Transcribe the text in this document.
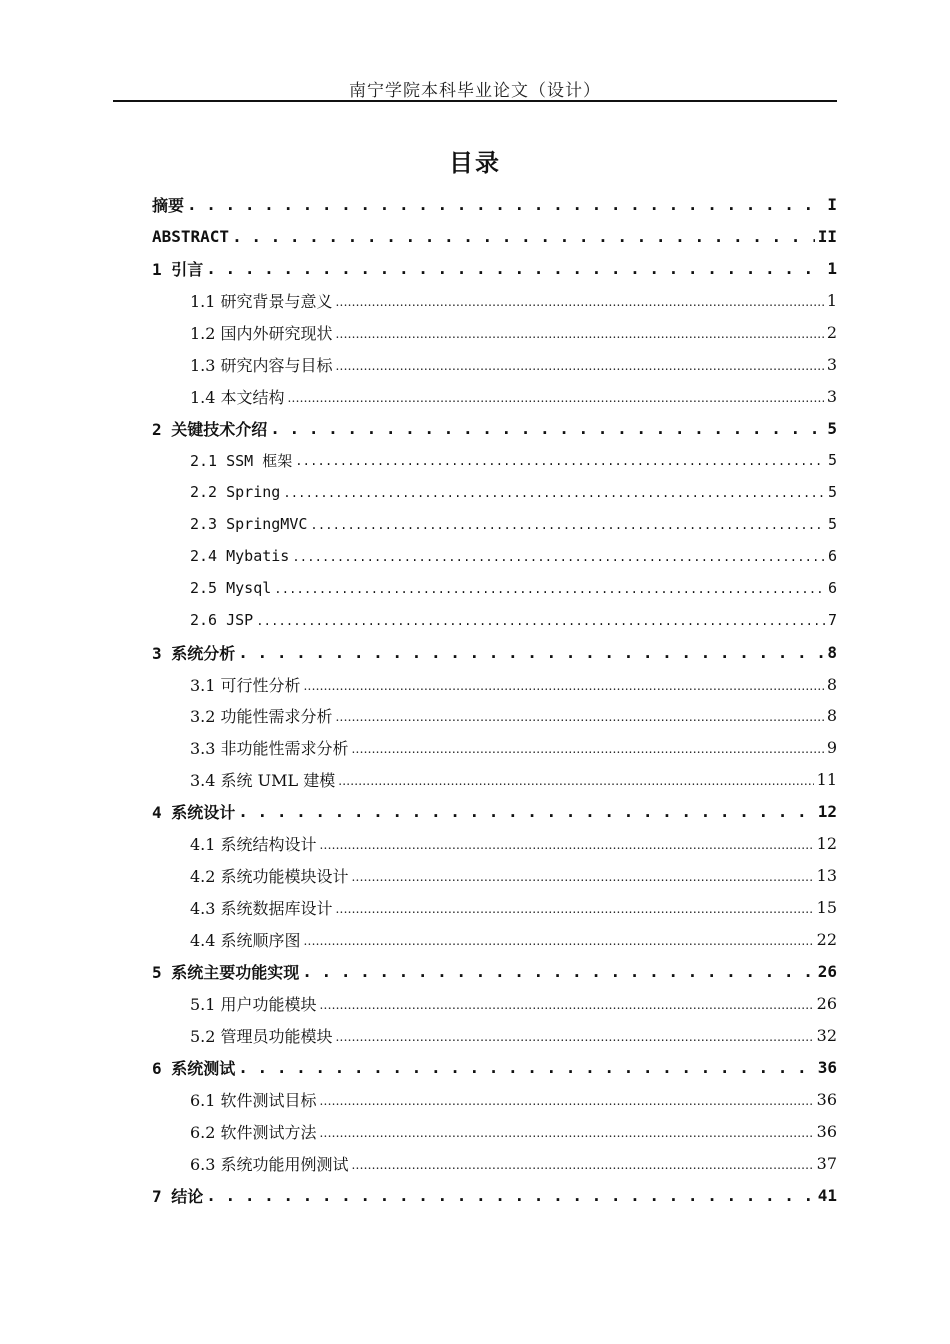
南宁学院本科毕业论文（设计）
目录
摘要 . . .	I
ABSTRACT . . .	II
1 引言 . . .	1
1.1 研究背景与意义 .....	1
1.2 国内外研究现状 .....	2
1.3 研究内容与目标 .....	3
1.4 本文结构 .....	3
2 关键技术介绍 . . .	5
2.1 SSM 框架 .....	5
2.2 Spring .....	5
2.3 SpringMVC .....	5
2.4 Mybatis .....	6
2.5 Mysql .....	6
2.6 JSP .....	7
3 系统分析 . . .	8
3.1 可行性分析 .....	8
3.2 功能性需求分析 .....	8
3.3 非功能性需求分析 .....	9
3.4 系统 UML 建模 .....	11
4 系统设计 . . .	12
4.1 系统结构设计 .....	12
4.2 系统功能模块设计 .....	13
4.3 系统数据库设计 .....	15
4.4 系统顺序图 .....	22
5 系统主要功能实现 . . .	26
5.1 用户功能模块 .....	26
5.2 管理员功能模块 .....	32
6 系统测试 . . .	36
6.1 软件测试目标 .....	36
6.2 软件测试方法 .....	36
6.3 系统功能用例测试 .....	37
7 结论 . . .	41
